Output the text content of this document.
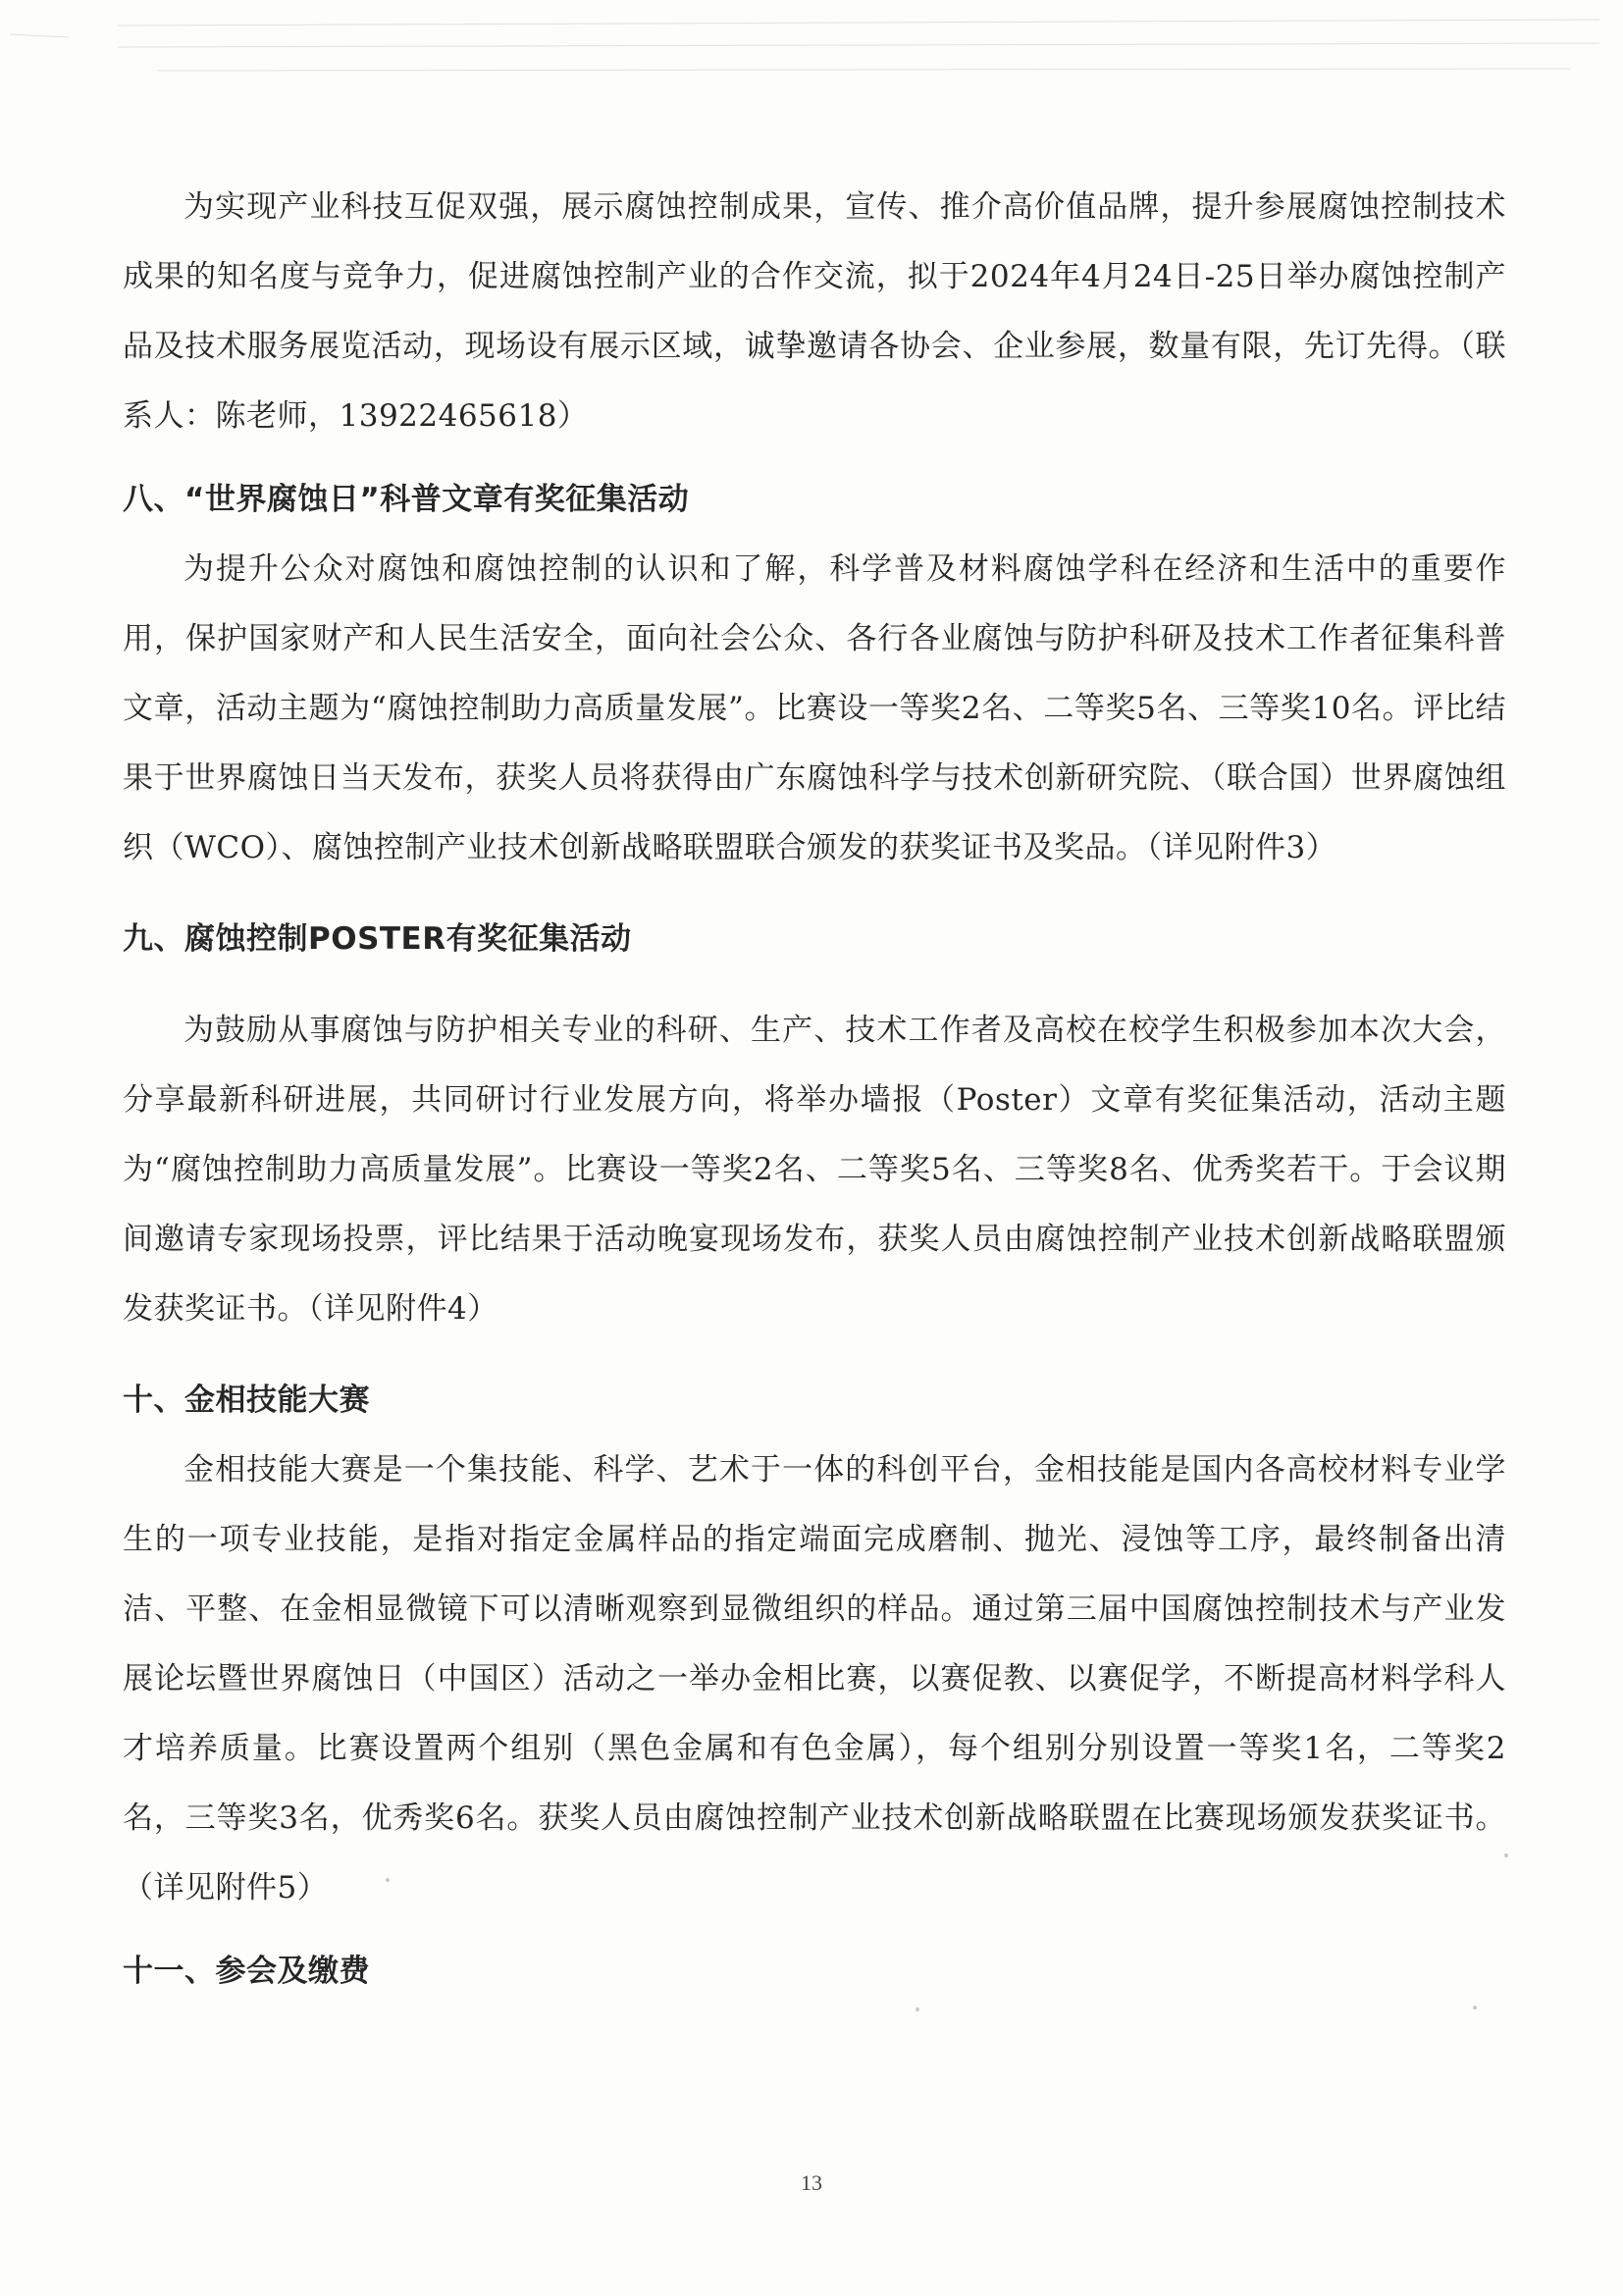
为实现产业科技互促双强，展示腐蚀控制成果，宣传、推介高价值品牌，提升参展腐蚀控制技术成果的知名度与竞争力，促进腐蚀控制产业的合作交流，拟于2024年4月24日-25日举办腐蚀控制产品及技术服务展览活动，现场设有展示区域，诚挚邀请各协会、企业参展，数量有限，先订先得。（联系人：陈老师，13922465618）

八、“世界腐蚀日”科普文章有奖征集活动

为提升公众对腐蚀和腐蚀控制的认识和了解，科学普及材料腐蚀学科在经济和生活中的重要作用，保护国家财产和人民生活安全，面向社会公众、各行各业腐蚀与防护科研及技术工作者征集科普文章，活动主题为“腐蚀控制助力高质量发展”。比赛设一等奖2名、二等奖5名、三等奖10名。评比结果于世界腐蚀日当天发布，获奖人员将获得由广东腐蚀科学与技术创新研究院、（联合国）世界腐蚀组织（WCO）、腐蚀控制产业技术创新战略联盟联合颁发的获奖证书及奖品。（详见附件3）

九、腐蚀控制POSTER有奖征集活动

为鼓励从事腐蚀与防护相关专业的科研、生产、技术工作者及高校在校学生积极参加本次大会，分享最新科研进展，共同研讨行业发展方向，将举办墙报（Poster）文章有奖征集活动，活动主题为“腐蚀控制助力高质量发展”。比赛设一等奖2名、二等奖5名、三等奖8名、优秀奖若干。于会议期间邀请专家现场投票，评比结果于活动晚宴现场发布，获奖人员由腐蚀控制产业技术创新战略联盟颁发获奖证书。（详见附件4）

十、金相技能大赛

金相技能大赛是一个集技能、科学、艺术于一体的科创平台，金相技能是国内各高校材料专业学生的一项专业技能，是指对指定金属样品的指定端面完成磨制、抛光、浸蚀等工序，最终制备出清洁、平整、在金相显微镜下可以清晰观察到显微组织的样品。通过第三届中国腐蚀控制技术与产业发展论坛暨世界腐蚀日（中国区）活动之一举办金相比赛，以赛促教、以赛促学，不断提高材料学科人才培养质量。比赛设置两个组别（黑色金属和有色金属），每个组别分别设置一等奖1名，二等奖2名，三等奖3名，优秀奖6名。获奖人员由腐蚀控制产业技术创新战略联盟在比赛现场颁发获奖证书。（详见附件5）

十一、参会及缴费
13
